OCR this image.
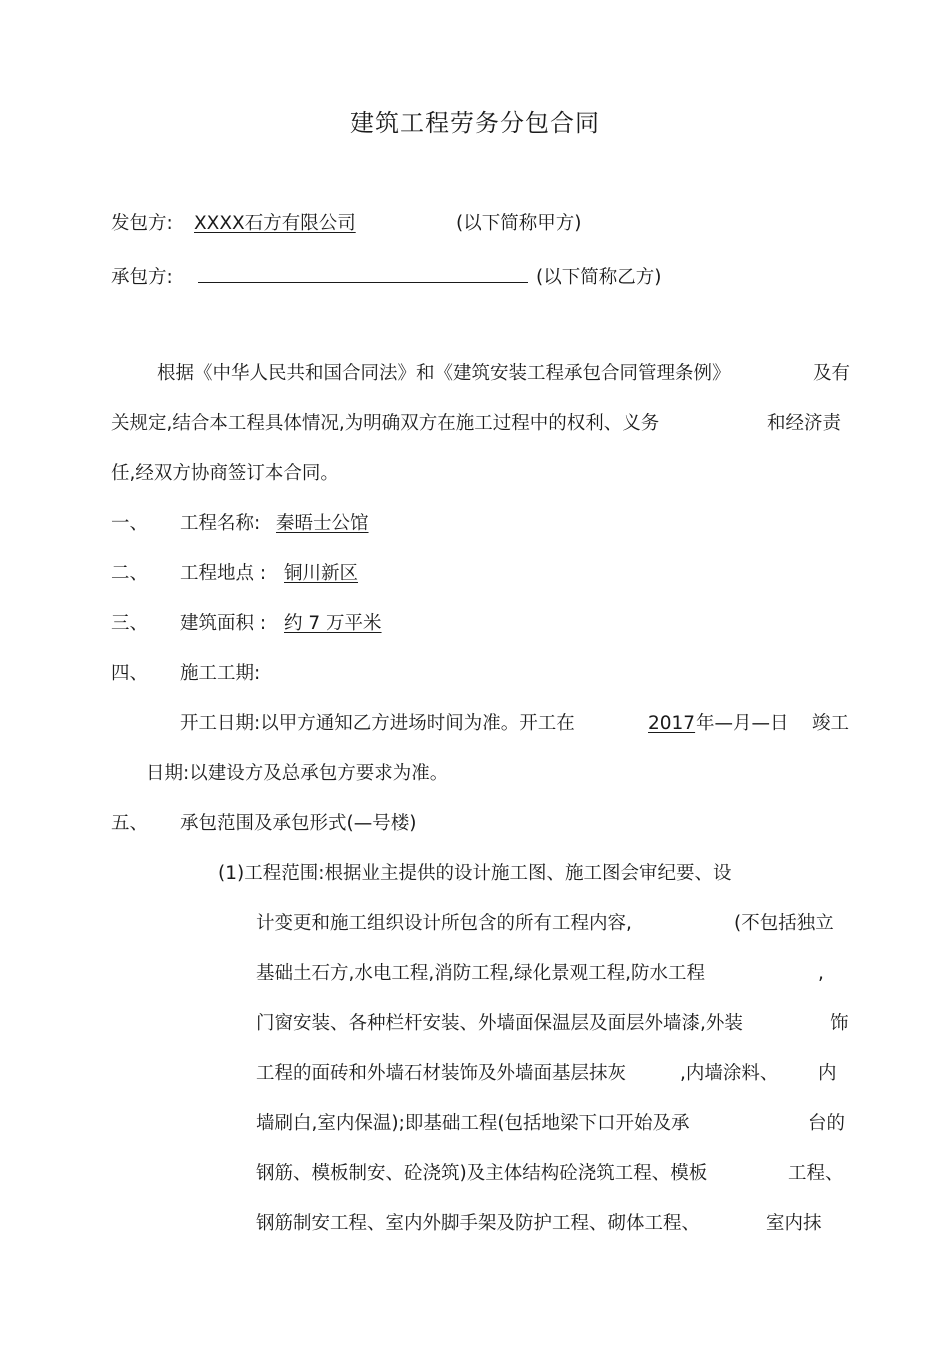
建筑工程劳务分包合同
发包方: XXXX石方有限公司	(以下简称甲方)
承包方:	(以下简称乙方)
根据《中华人民共和国合同法》和《建筑安装工程承包合同管理条例》	及有
关规定,结合本工程具体情况,为明确双方在施工过程中的权利、义务	和经济责
任,经双方协商签订本合同。
一、 工程名称: 秦晤士公馆
二、 工程地点 : 铜川新区
三、 建筑面积 : 约 7 万平米
四、 施工工期:
开工日期:以甲方通知乙方进场时间为准。开工在	2017 年—月—日 竣工
日期:以建设方及总承包方要求为准。
五、 承包范围及承包形式(—号楼)
(1)工程范围:根据业主提供的设计施工图、施工图会审纪要、设
计变更和施工组织设计所包含的所有工程内容,	(不包括独立
基础土石方,水电工程,消防工程,绿化景观工程,防水工程	,
门窗安装、各种栏杆安装、外墙面保温层及面层外墙漆,外装	饰
工程的面砖和外墙石材装饰及外墙面基层抹灰	,内墙涂料、 内
墙刷白,室内保温);即基础工程(包括地梁下口开始及承	台的
钢筋、模板制安、砼浇筑)及主体结构砼浇筑工程、模板	工程、
钢筋制安工程、室内外脚手架及防护工程、砌体工程、	室内抹
